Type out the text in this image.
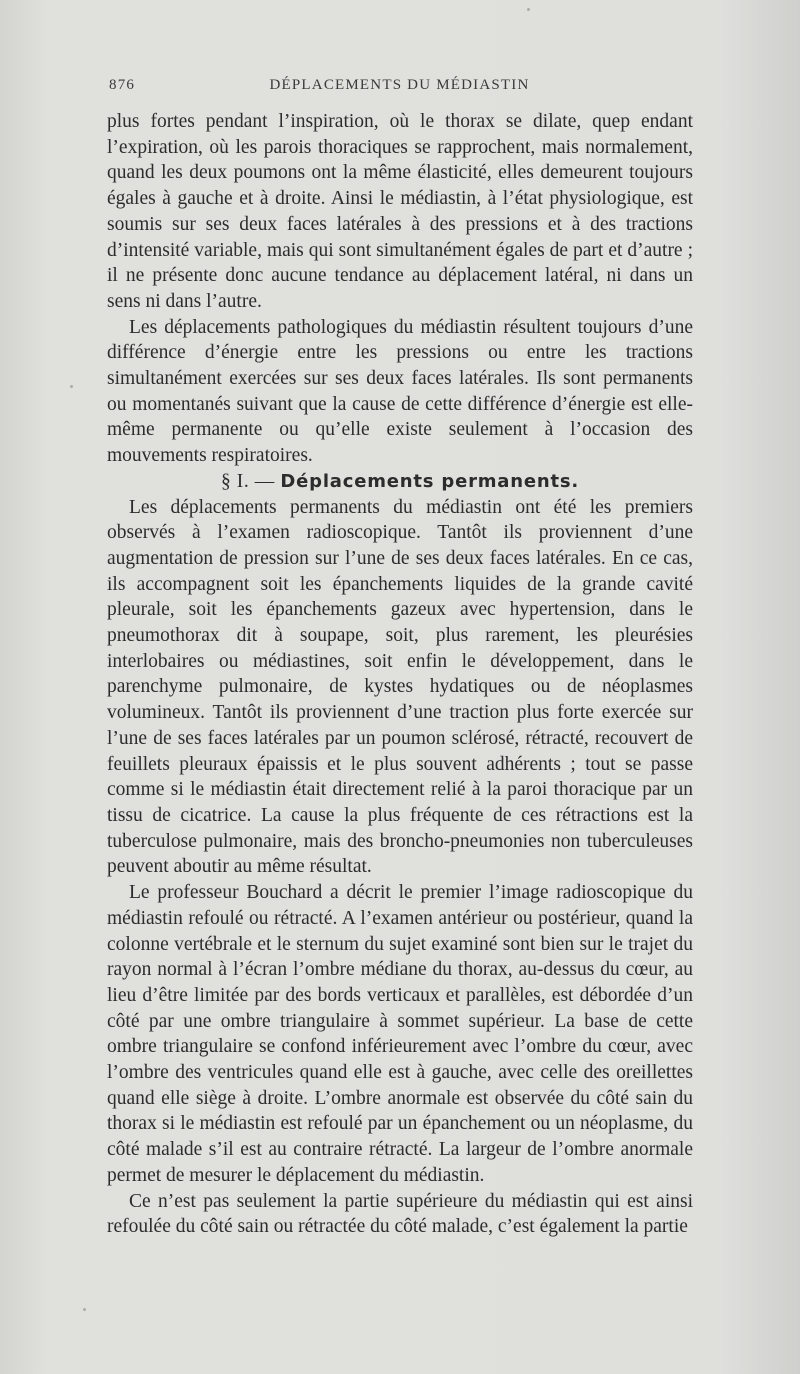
876	DÉPLACEMENTS DU MÉDIASTIN

plus fortes pendant l’inspiration, où le thorax se dilate, quep endant l’expiration, où les parois thoraciques se rapprochent, mais normalement, quand les deux poumons ont la même élasticité, elles demeurent toujours égales à gauche et à droite. Ainsi le médiastin, à l’état physiologique, est soumis sur ses deux faces latérales à des pressions et à des tractions d’intensité variable, mais qui sont simultanément égales de part et d’autre ; il ne présente donc aucune tendance au déplacement latéral, ni dans un sens ni dans l’autre.

Les déplacements pathologiques du médiastin résultent toujours d’une différence d’énergie entre les pressions ou entre les tractions simultanément exercées sur ses deux faces latérales. Ils sont permanents ou momentanés suivant que la cause de cette différence d’énergie est elle-même permanente ou qu’elle existe seulement à l’occasion des mouvements respiratoires.

§ I. — Déplacements permanents.

Les déplacements permanents du médiastin ont été les premiers observés à l’examen radioscopique. Tantôt ils proviennent d’une augmentation de pression sur l’une de ses deux faces latérales. En ce cas, ils accompagnent soit les épanchements liquides de la grande cavité pleurale, soit les épanchements gazeux avec hypertension, dans le pneumothorax dit à soupape, soit, plus rarement, les pleurésies interlobaires ou médiastines, soit enfin le développement, dans le parenchyme pulmonaire, de kystes hydatiques ou de néoplasmes volumineux. Tantôt ils proviennent d’une traction plus forte exercée sur l’une de ses faces latérales par un poumon sclérosé, rétracté, recouvert de feuillets pleuraux épaissis et le plus souvent adhérents ; tout se passe comme si le médiastin était directement relié à la paroi thoracique par un tissu de cicatrice. La cause la plus fréquente de ces rétractions est la tuberculose pulmonaire, mais des broncho-pneumonies non tuberculeuses peuvent aboutir au même résultat.

Le professeur Bouchard a décrit le premier l’image radioscopique du médiastin refoulé ou rétracté. A l’examen antérieur ou postérieur, quand la colonne vertébrale et le sternum du sujet examiné sont bien sur le trajet du rayon normal à l’écran l’ombre médiane du thorax, au-dessus du cœur, au lieu d’être limitée par des bords verticaux et parallèles, est débordée d’un côté par une ombre triangulaire à sommet supérieur. La base de cette ombre triangulaire se confond inférieurement avec l’ombre du cœur, avec l’ombre des ventricules quand elle est à gauche, avec celle des oreillettes quand elle siège à droite. L’ombre anormale est observée du côté sain du thorax si le médiastin est refoulé par un épanchement ou un néoplasme, du côté malade s’il est au contraire rétracté. La largeur de l’ombre anormale permet de mesurer le déplacement du médiastin.

Ce n’est pas seulement la partie supérieure du médiastin qui est ainsi refoulée du côté sain ou rétractée du côté malade, c’est également la partie
